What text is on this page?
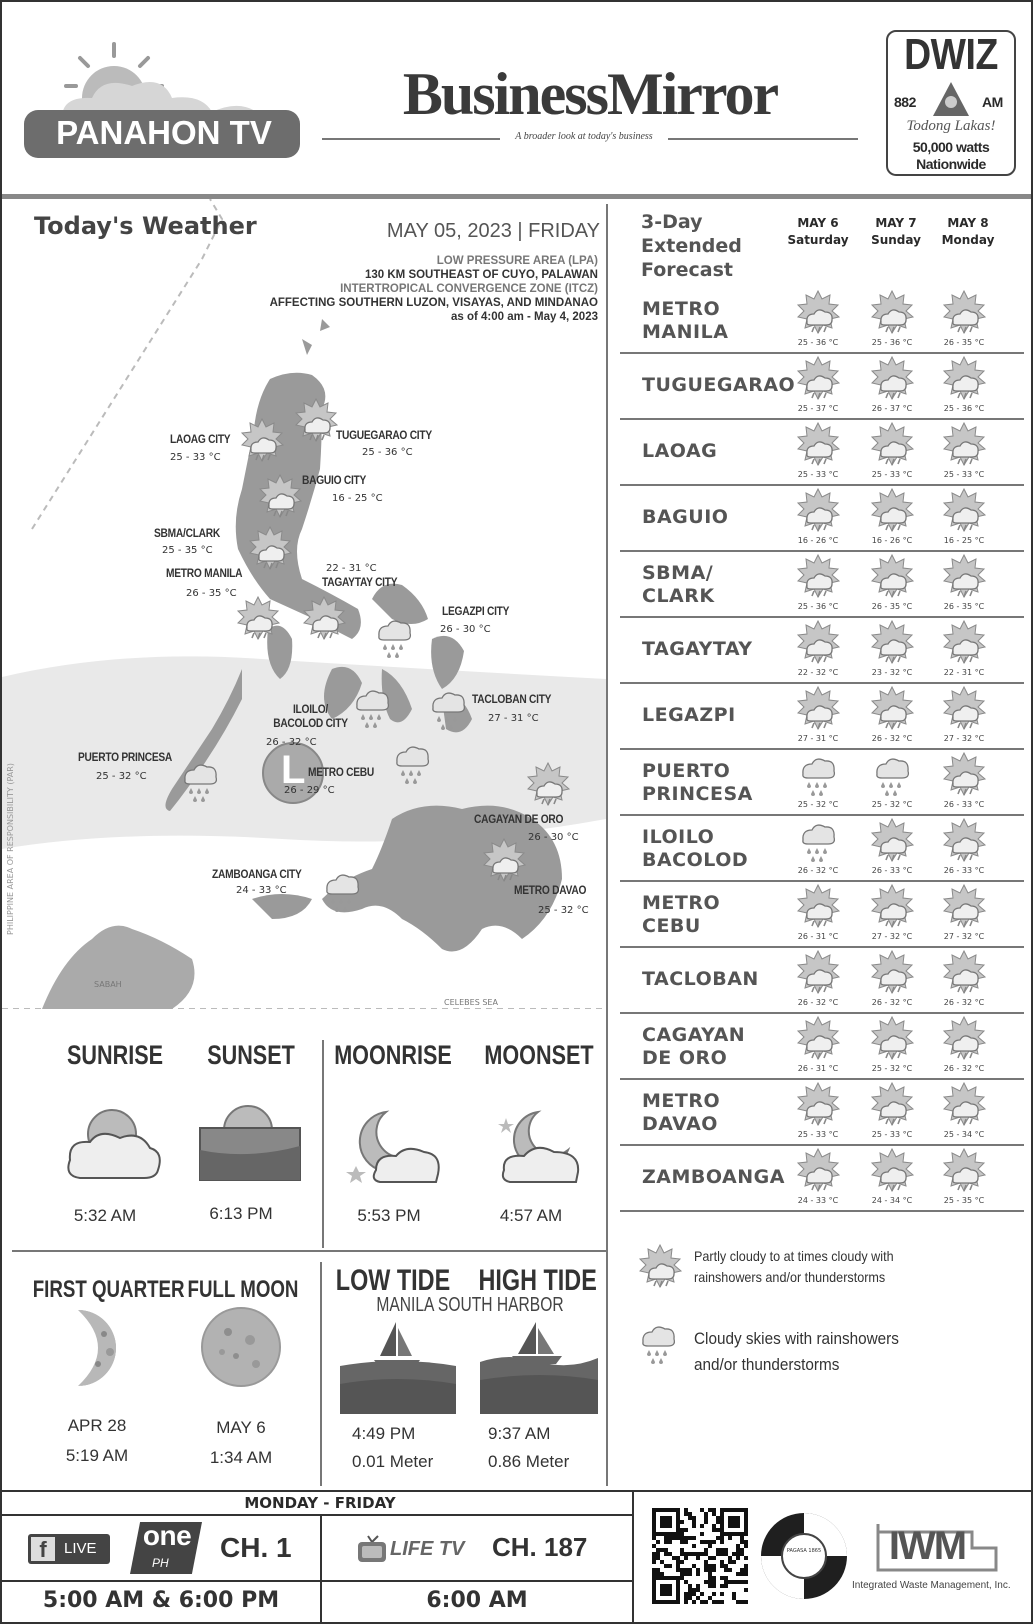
PANAHON TV
BusinessMirror
A broader look at today's business
DWIZ
882	AM
Todong Lakas!
50,000 watts
Nationwide
Today's Weather	MAY 05, 2023 | FRIDAY
LOW PRESSURE AREA (LPA)
130 KM SOUTHEAST OF CUYO, PALAWAN
INTERTROPICAL CONVERGENCE ZONE (ITCZ)
AFFECTING SOUTHERN LUZON, VISAYAS, AND MINDANAO
as of 4:00 am - May 4, 2023
PHILIPPINE AREA OF RESPONSIBILITY (PAR)
SABAH
CELEBES SEA
L
LAOAG CITY
25 - 33 °C
TUGUEGARAO CITY
25 - 36 °C
BAGUIO CITY
16 - 25 °C
SBMA/CLARK
25 - 35 °C
METRO MANILA
26 - 35 °C
22 - 31 °C
TAGAYTAY CITY
LEGAZPI CITY
26 - 30 °C
ILOILO/ BACOLOD CITY
26 - 32 °C
TACLOBAN CITY
27 - 31 °C
PUERTO PRINCESA
25 - 32 °C	METRO CEBU
26 - 29 °C
CAGAYAN DE ORO
26 - 30 °C
ZAMBOANGA CITY
24 - 33 °C	METRO DAVAO
25 - 32 °C
3-Day
Extended
Forecast
MAY 6
Saturday
MAY 7
Sunday
MAY 8
Monday
METRO
MANILA	25 - 36 °C	25 - 36 °C	26 - 35 °C
TUGUEGARAO
25 - 37 °C	26 - 37 °C	25 - 36 °C
LAOAG
25 - 33 °C	25 - 33 °C	25 - 33 °C
BAGUIO
16 - 26 °C	16 - 26 °C	16 - 25 °C
SBMA/
CLARK	25 - 36 °C	26 - 35 °C	26 - 35 °C
TAGAYTAY
22 - 32 °C	23 - 32 °C	22 - 31 °C
LEGAZPI
27 - 31 °C	26 - 32 °C	27 - 32 °C
PUERTO
PRINCESA	25 - 32 °C	25 - 32 °C	26 - 33 °C
ILOILO
BACOLOD	26 - 32 °C	26 - 33 °C	26 - 33 °C
METRO
CEBU	26 - 31 °C	27 - 32 °C	27 - 32 °C
TACLOBAN
26 - 32 °C	26 - 32 °C	26 - 32 °C
CAGAYAN
DE ORO	26 - 31 °C	25 - 32 °C	26 - 32 °C
METRO
DAVAO	25 - 33 °C	25 - 33 °C	25 - 34 °C
ZAMBOANGA
24 - 33 °C	24 - 34 °C	25 - 35 °C
Partly cloudy to at times cloudy with
rainshowers and/or thunderstorms
Cloudy skies with rainshowers
and/or thunderstorms
SUNRISE	SUNSET	MOONRISE MOONSET
5:32 AM	6:13 PM	5:53 PM	4:57 AM
FIRST QUARTER FULL MOON
APR 28
5:19 AM
MAY 6
1:34 AM
LOW TIDE HIGH TIDE
MANILA SOUTH HARBOR
4:49 PM
0.01 Meter
9:37 AM
0.86 Meter
MONDAY - FRIDAY
f	LIVE one
PH CH. 1	LIFE TV CH. 187
5:00 AM & 6:00 PM	6:00 AM
PAGASA 1865	IWM
Integrated Waste Management, Inc.
